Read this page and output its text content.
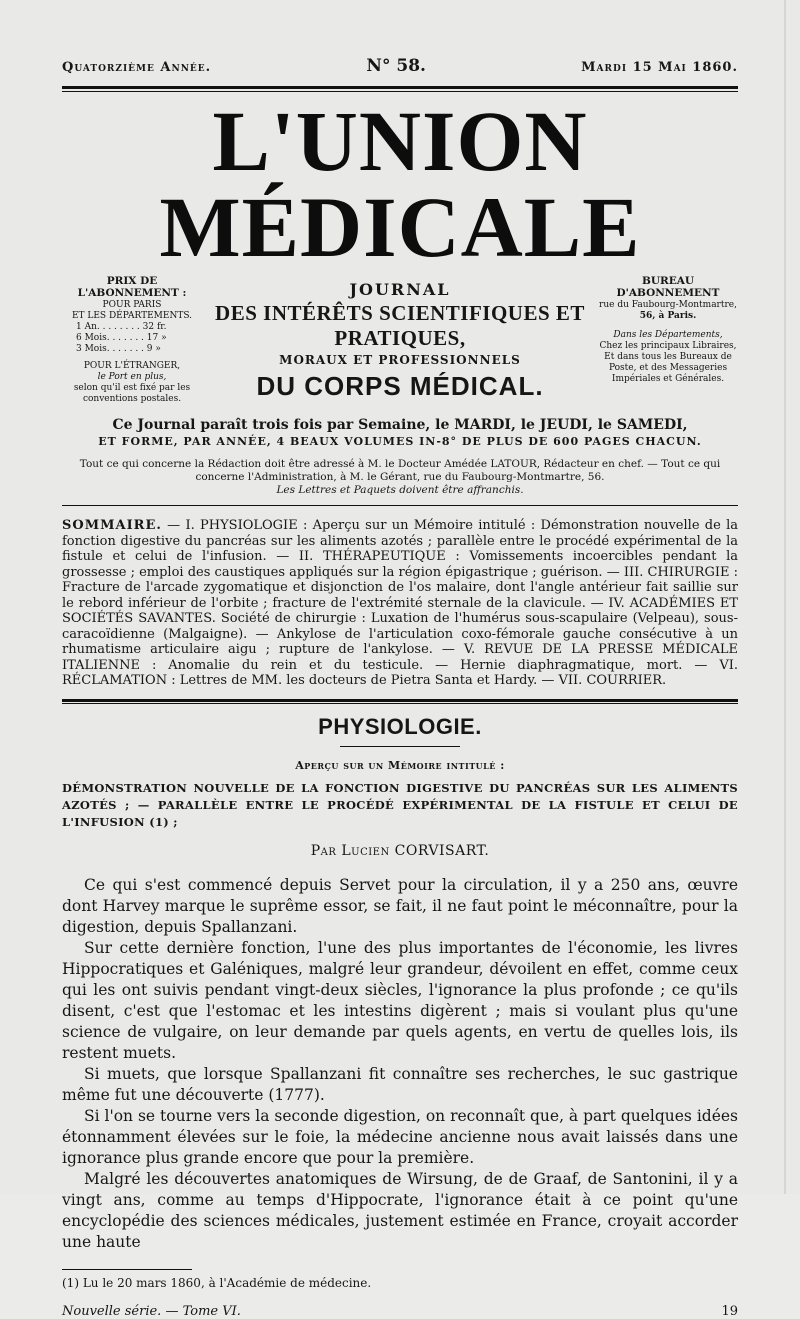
Quatorzième Année.	N° 58.	Mardi 15 Mai 1860.
L'UNION MÉDICALE
PRIX DE L'ABONNEMENT :
POUR PARIS
ET LES DÉPARTEMENTS.
1 An. . . . . . . . 32 fr.
6 Mois. . . . . . . 17 »
3 Mois. . . . . . . 9 »
POUR L'ÉTRANGER,
le Port en plus,
selon qu'il est fixé par les
conventions postales.
JOURNAL
DES INTÉRÊTS SCIENTIFIQUES ET PRATIQUES,
MORAUX ET PROFESSIONNELS
DU CORPS MÉDICAL.
BUREAU D'ABONNEMENT
rue du Faubourg-Montmartre,
56, à Paris.
Dans les Départements,
Chez les principaux Libraires,
Et dans tous les Bureaux de
Poste, et des Messageries
Impériales et Générales.
Ce Journal paraît trois fois par Semaine, le MARDI, le JEUDI, le SAMEDI,
ET FORME, PAR ANNÉE, 4 BEAUX VOLUMES IN-8° DE PLUS DE 600 PAGES CHACUN.
Tout ce qui concerne la Rédaction doit être adressé à M. le Docteur Amédée LATOUR, Rédacteur en chef. — Tout ce qui
concerne l'Administration, à M. le Gérant, rue du Faubourg-Montmartre, 56.
Les Lettres et Paquets doivent être affranchis.
SOMMAIRE. — I. PHYSIOLOGIE : Aperçu sur un Mémoire intitulé : Démonstration nouvelle de la fonction digestive du pancréas sur les aliments azotés ; parallèle entre le procédé expérimental de la fistule et celui de l'infusion. — II. THÉRAPEUTIQUE : Vomissements incoercibles pendant la grossesse ; emploi des caustiques appliqués sur la région épigastrique ; guérison. — III. CHIRURGIE : Fracture de l'arcade zygomatique et disjonction de l'os malaire, dont l'angle antérieur fait saillie sur le rebord inférieur de l'orbite ; fracture de l'extrémité sternale de la clavicule. — IV. ACADÉMIES ET SOCIÉTÉS SAVANTES. Société de chirurgie : Luxation de l'humérus sous-scapulaire (Velpeau), sous-caracoïdienne (Malgaigne). — Ankylose de l'articulation coxo-fémorale gauche consécutive à un rhumatisme articulaire aigu ; rupture de l'ankylose. — V. REVUE DE LA PRESSE MÉDICALE ITALIENNE : Anomalie du rein et du testicule. — Hernie diaphragmatique, mort. — VI. RÉCLAMATION : Lettres de MM. les docteurs de Pietra Santa et Hardy. — VII. COURRIER.
PHYSIOLOGIE.
Aperçu sur un Mémoire intitulé :
DÉMONSTRATION NOUVELLE DE LA FONCTION DIGESTIVE DU PANCRÉAS SUR LES ALIMENTS AZOTÉS ; — PARALLÈLE ENTRE LE PROCÉDÉ EXPÉRIMENTAL DE LA FISTULE ET CELUI DE L'INFUSION (1) ;
Par Lucien CORVISART.

Ce qui s'est commencé depuis Servet pour la circulation, il y a 250 ans, œuvre dont Harvey marque le suprême essor, se fait, il ne faut point le méconnaître, pour la digestion, depuis Spallanzani.

Sur cette dernière fonction, l'une des plus importantes de l'économie, les livres Hippocratiques et Galéniques, malgré leur grandeur, dévoilent en effet, comme ceux qui les ont suivis pendant vingt-deux siècles, l'ignorance la plus profonde ; ce qu'ils disent, c'est que l'estomac et les intestins digèrent ; mais si voulant plus qu'une science de vulgaire, on leur demande par quels agents, en vertu de quelles lois, ils restent muets.

Si muets, que lorsque Spallanzani fit connaître ses recherches, le suc gastrique même fut une découverte (1777).

Si l'on se tourne vers la seconde digestion, on reconnaît que, à part quelques idées étonnamment élevées sur le foie, la médecine ancienne nous avait laissés dans une ignorance plus grande encore que pour la première.

Malgré les découvertes anatomiques de Wirsung, de de Graaf, de Santonini, il y a vingt ans, comme au temps d'Hippocrate, l'ignorance était à ce point qu'une encyclopédie des sciences médicales, justement estimée en France, croyait accorder une haute

(1) Lu le 20 mars 1860, à l'Académie de médecine.
Nouvelle série. — Tome VI.	19
